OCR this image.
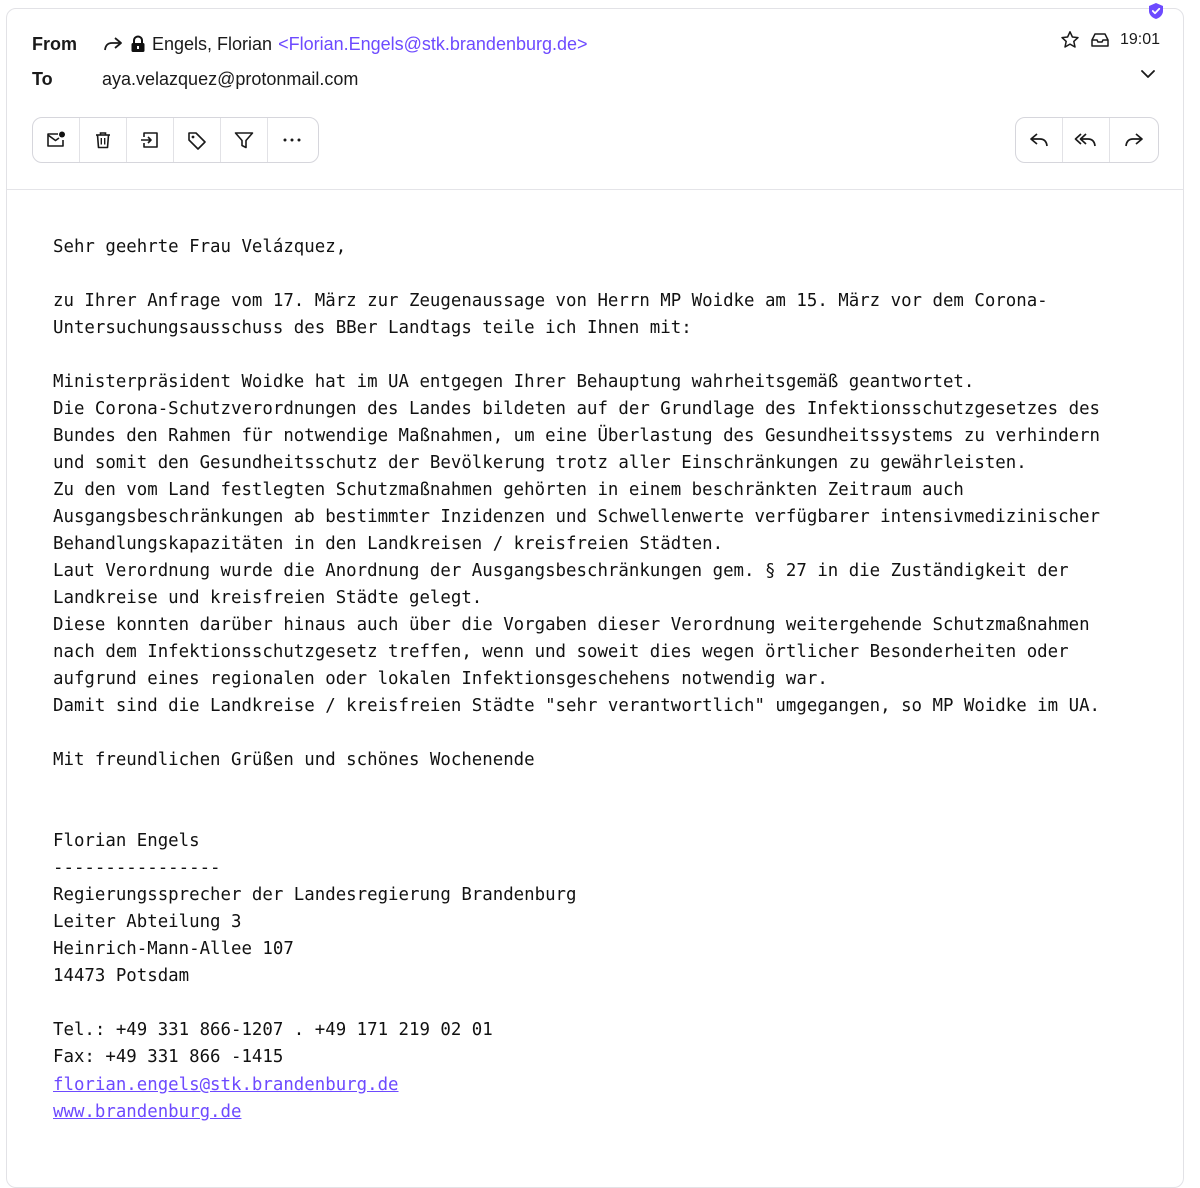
From	Engels, Florian <Florian.Engels@stk.brandenburg.de>	19:01
To	aya.velazquez@protonmail.com
Sehr geehrte Frau Velázquez,

zu Ihrer Anfrage vom 17. März zur Zeugenaussage von Herrn MP Woidke am 15. März vor dem Corona-
Untersuchungsausschuss des BBer Landtags teile ich Ihnen mit:

Ministerpräsident Woidke hat im UA entgegen Ihrer Behauptung wahrheitsgemäß geantwortet.
Die Corona-Schutzverordnungen des Landes bildeten auf der Grundlage des Infektionsschutzgesetzes des
Bundes den Rahmen für notwendige Maßnahmen, um eine Überlastung des Gesundheitssystems zu verhindern
und somit den Gesundheitsschutz der Bevölkerung trotz aller Einschränkungen zu gewährleisten.
Zu den vom Land festlegten Schutzmaßnahmen gehörten in einem beschränkten Zeitraum auch
Ausgangsbeschränkungen ab bestimmter Inzidenzen und Schwellenwerte verfügbarer intensivmedizinischer
Behandlungskapazitäten in den Landkreisen / kreisfreien Städten.
Laut Verordnung wurde die Anordnung der Ausgangsbeschränkungen gem. § 27 in die Zuständigkeit der
Landkreise und kreisfreien Städte gelegt.
Diese konnten darüber hinaus auch über die Vorgaben dieser Verordnung weitergehende Schutzmaßnahmen
nach dem Infektionsschutzgesetz treffen, wenn und soweit dies wegen örtlicher Besonderheiten oder
aufgrund eines regionalen oder lokalen Infektionsgeschehens notwendig war.
Damit sind die Landkreise / kreisfreien Städte "sehr verantwortlich" umgegangen, so MP Woidke im UA.

Mit freundlichen Grüßen und schönes Wochenende

Florian Engels
----------------
Regierungssprecher der Landesregierung Brandenburg
Leiter Abteilung 3
Heinrich-Mann-Allee 107
14473 Potsdam

Tel.: +49 331 866-1207 . +49 171 219 02 01
Fax: +49 331 866 -1415
florian.engels@stk.brandenburg.de
www.brandenburg.de
